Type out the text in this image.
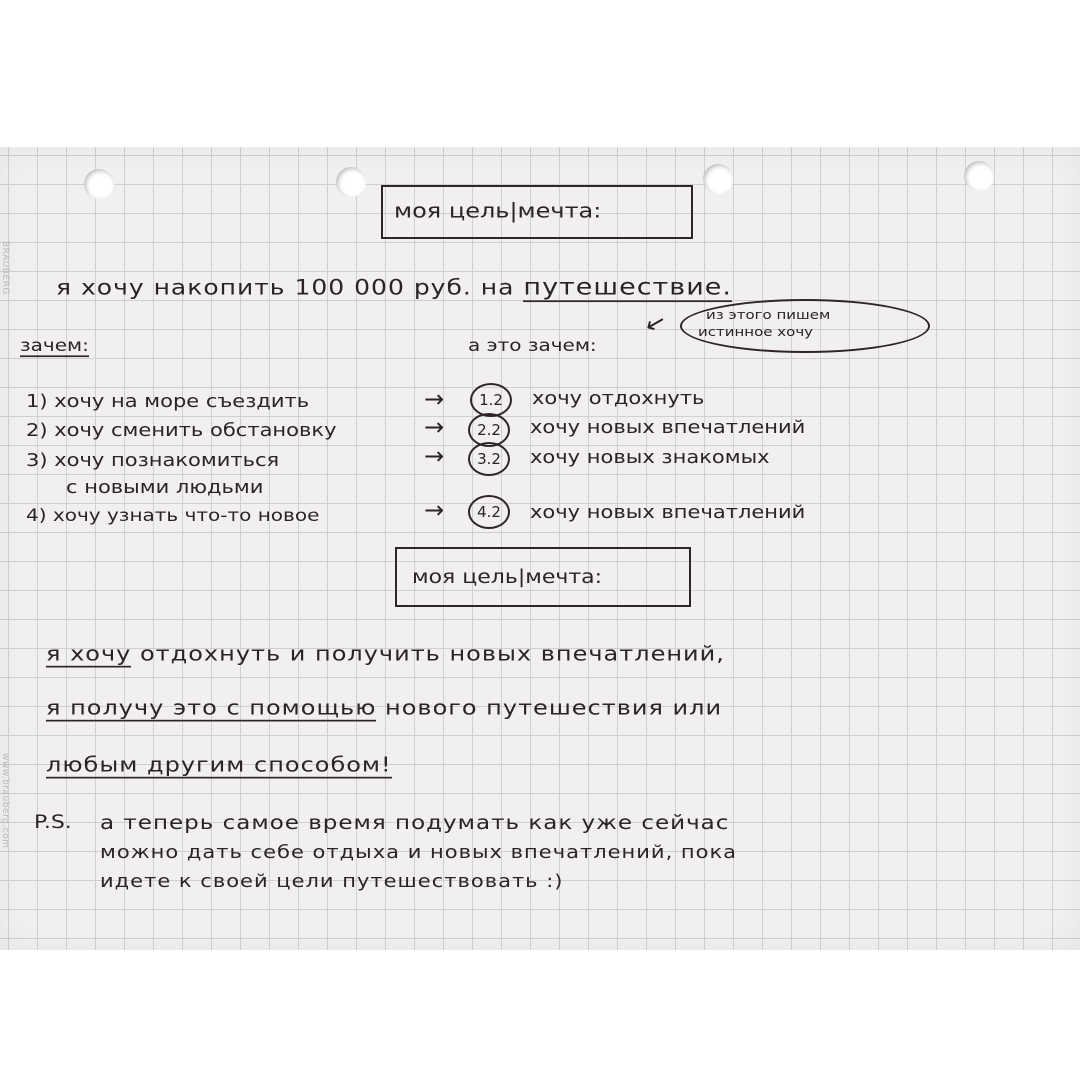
BRAUBERG
www.brauberg.com

моя цель|мечта:

я хочу накопить 100 000 руб. на путешествие.

зачем:	а это зачем:

← из этого пишем

истинное хочу

1) хочу на море съездить	→	1.2	хочу отдохнуть

2) хочу сменить обстановку	→	2.2	хочу новых впечатлений

3) хочу познакомиться	→	3.2	хочу новых знакомых

с новыми людьми

4) хочу узнать что-то новое	→	4.2	хочу новых впечатлений

моя цель|мечта:

я хочу отдохнуть и получить новых впечатлений,

я получу это с помощью нового путешествия или

любым другим способом!

P.S. а теперь самое время подумать как уже сейчас

можно дать себе отдыха и новых впечатлений, пока

идете к своей цели путешествовать :)
